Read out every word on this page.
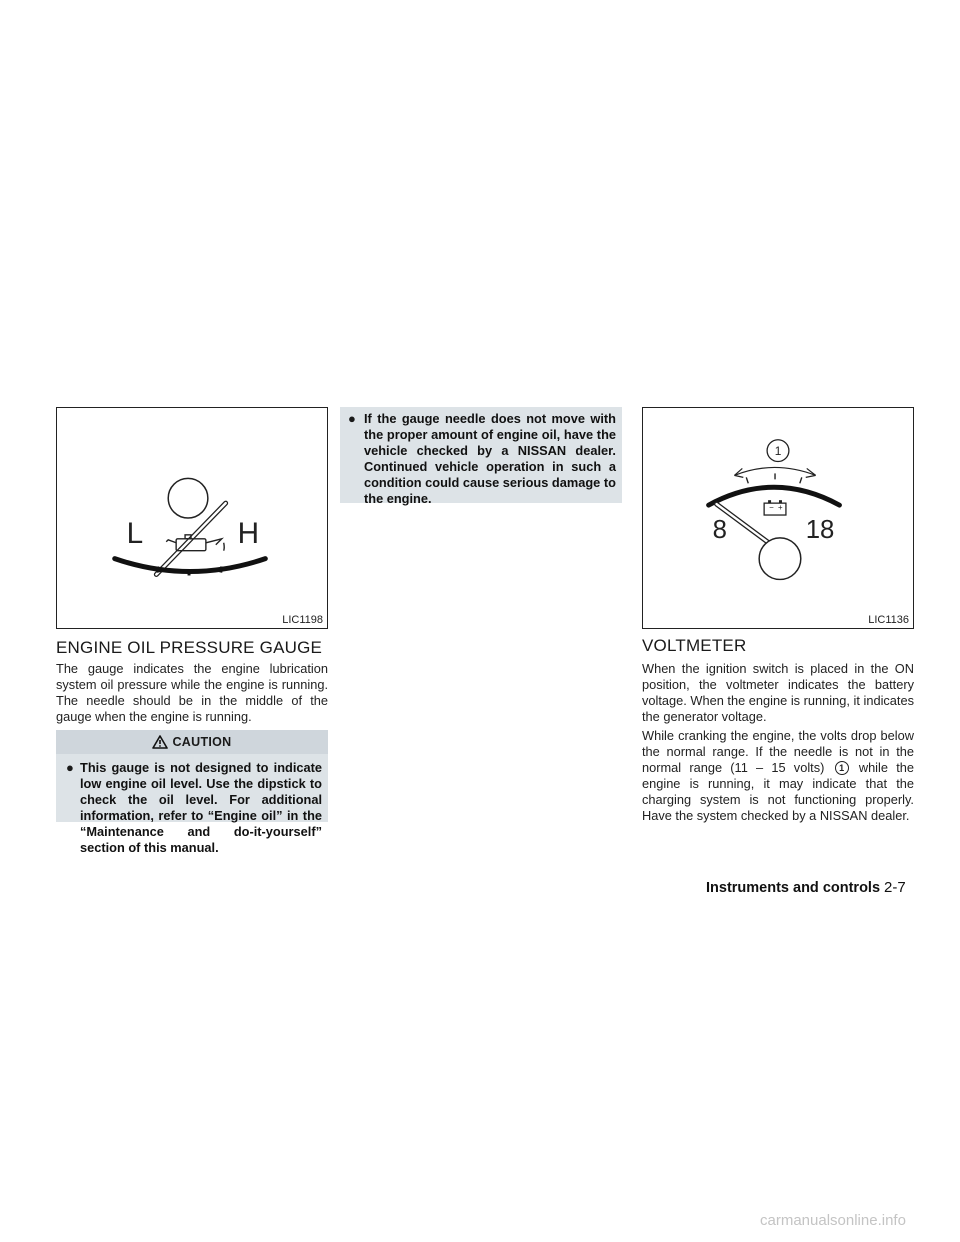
L	H
LIC1198
ENGINE OIL PRESSURE GAUGE

The gauge indicates the engine lubrication system oil pressure while the engine is running. The needle should be in the middle of the gauge when the engine is running.

CAUTION
● This gauge is not designed to indicate low engine oil level. Use the dipstick to check the oil level. For additional information, refer to “Engine oil” in the “Maintenance and do-it-yourself” section of this manual.
● If the gauge needle does not move with the proper amount of engine oil, have the vehicle checked by a NISSAN dealer. Continued vehicle operation in such a condition could cause serious damage to the engine.
1
− +
8	18
LIC1136
VOLTMETER

When the ignition switch is placed in the ON position, the voltmeter indicates the battery voltage. When the engine is running, it indicates the generator voltage.

While cranking the engine, the volts drop below the normal range. If the needle is not in the normal range (11 – 15 volts) 1 while the engine is running, it may indicate that the charging system is not functioning properly. Have the system checked by a NISSAN dealer.

Instruments and controls 2-7
carmanualsonline.info
